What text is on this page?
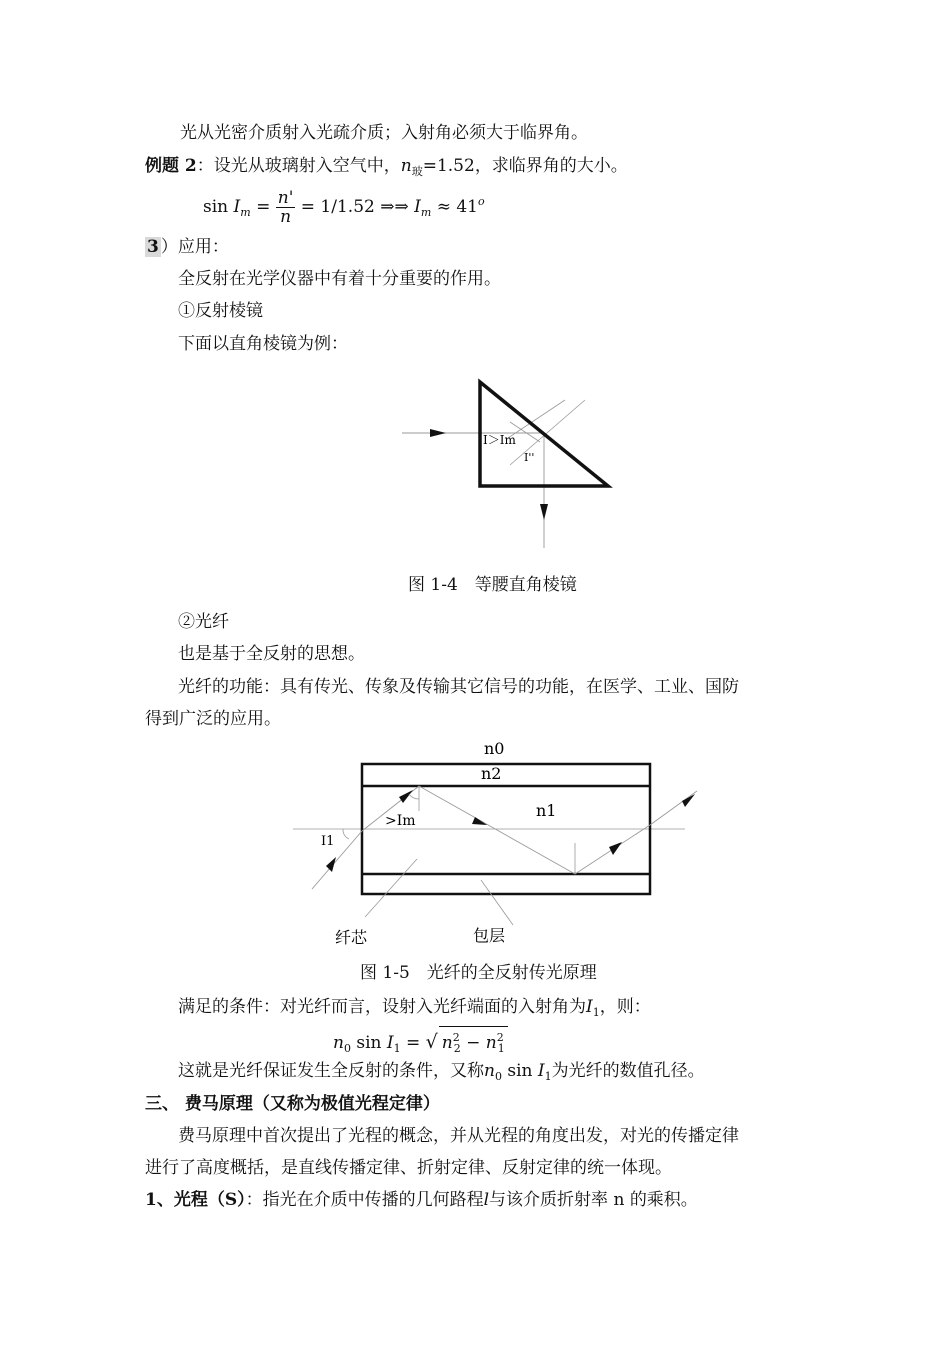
光从光密介质射入光疏介质；入射角必须大于临界角。
例题 2：设光从玻璃射入空气中，$n_玻=1.52$，求临界角的大小。
$\sin I_m = \frac{n'}{n} = 1/1.52$ ⇒⇒ $I_m \approx 41^o$
3 ）应用：
全反射在光学仪器中有着十分重要的作用。
①反射棱镜
下面以直角棱镜为例：
I＞Im
I''
图 1-4　等腰直角棱镜
②光纤
也是基于全反射的思想。
光纤的功能：具有传光、传象及传输其它信号的功能，在医学、工业、国防
得到广泛的应用。
n0
n2
n1
I1
>Im
纤芯	包层
图 1-5　光纤的全反射传光原理
满足的条件：对光纤而言，设射入光纤端面的入射角为$I_1$，则：
$n_0$ $\sin I_1$ = √ $n^2_2 - n^2_1$
这就是光纤保证发生全反射的条件，又称$n_0$ $\sin I_1$为光纤的数值孔径。
三、 费马原理（又称为极值光程定律）
费马原理中首次提出了光程的概念，并从光程的角度出发，对光的传播定律
进行了高度概括，是直线传播定律、折射定律、反射定律的统一体现。
1、光程（S）：指光在介质中传播的几何路程l与该介质折射率 n 的乘积。
